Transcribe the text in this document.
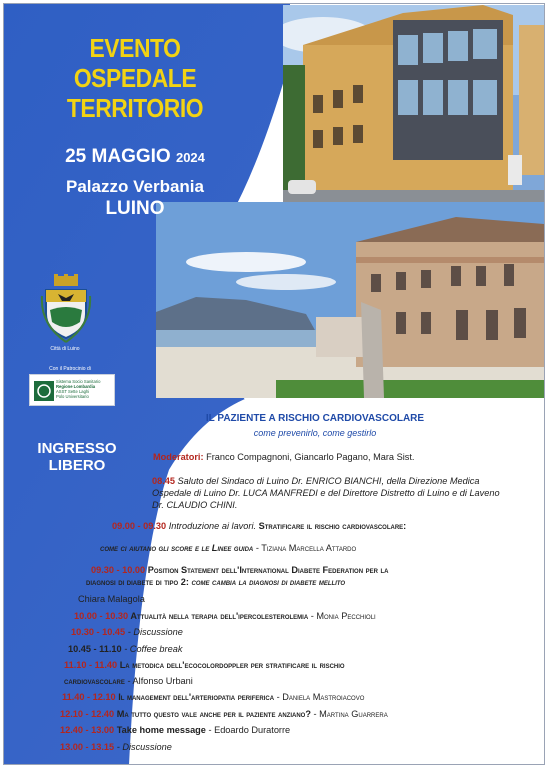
EVENTO
OSPEDALE
TERRITORIO
25 MAGGIO 2024
Palazzo Verbania
LUINO
Città di Luino
Con il Patrocinio di
Sistema Socio Sanitario
Regione Lombardia
ASST Sette Laghi
Polo Universitario
INGRESSO
LIBERO
IL PAZIENTE A RISCHIO CARDIOVASCOLARE
come prevenirlo, come gestirlo
Moderatori: Franco Compagnoni, Giancarlo Pagano, Mara Sist.
08.45 Saluto del Sindaco di Luino Dr. ENRICO BIANCHI, della Direzione Medica
Ospedale di Luino Dr. LUCA MANFREDI e del Direttore Distretto di Luino e di Laveno
Dr. CLAUDIO CHINI.
09.00 - 09.30 Introduzione ai lavori. Stratificare il rischio cardiovascolare:
come ci aiutano gli score e le Linee guida - Tiziana Marcella Attardo
09.30 - 10.00 Position Statement dell'International Diabete Federation per la
diagnosi di diabete di tipo 2: come cambia la diagnosi di diabete mellito
Chiara Malagola
10.00 - 10.30 Attualità nella terapia dell'ipercolesterolemia - Monia Pecchioli
10.30 - 10.45 - Discussione
10.45 - 11.10 - Coffee break
11.10 - 11.40 La metodica dell'ecocolordoppler per stratificare il rischio
cardiovascolare - Alfonso Urbani
11.40 - 12.10 Il management dell'arteriopatia periferica - Daniela Mastroiacovo
12.10 - 12.40 Ma tutto questo vale anche per il paziente anziano? - Martina Guarrera
12.40 - 13.00 Take home message - Edoardo Duratorre
13.00 - 13.15 - Discussione
